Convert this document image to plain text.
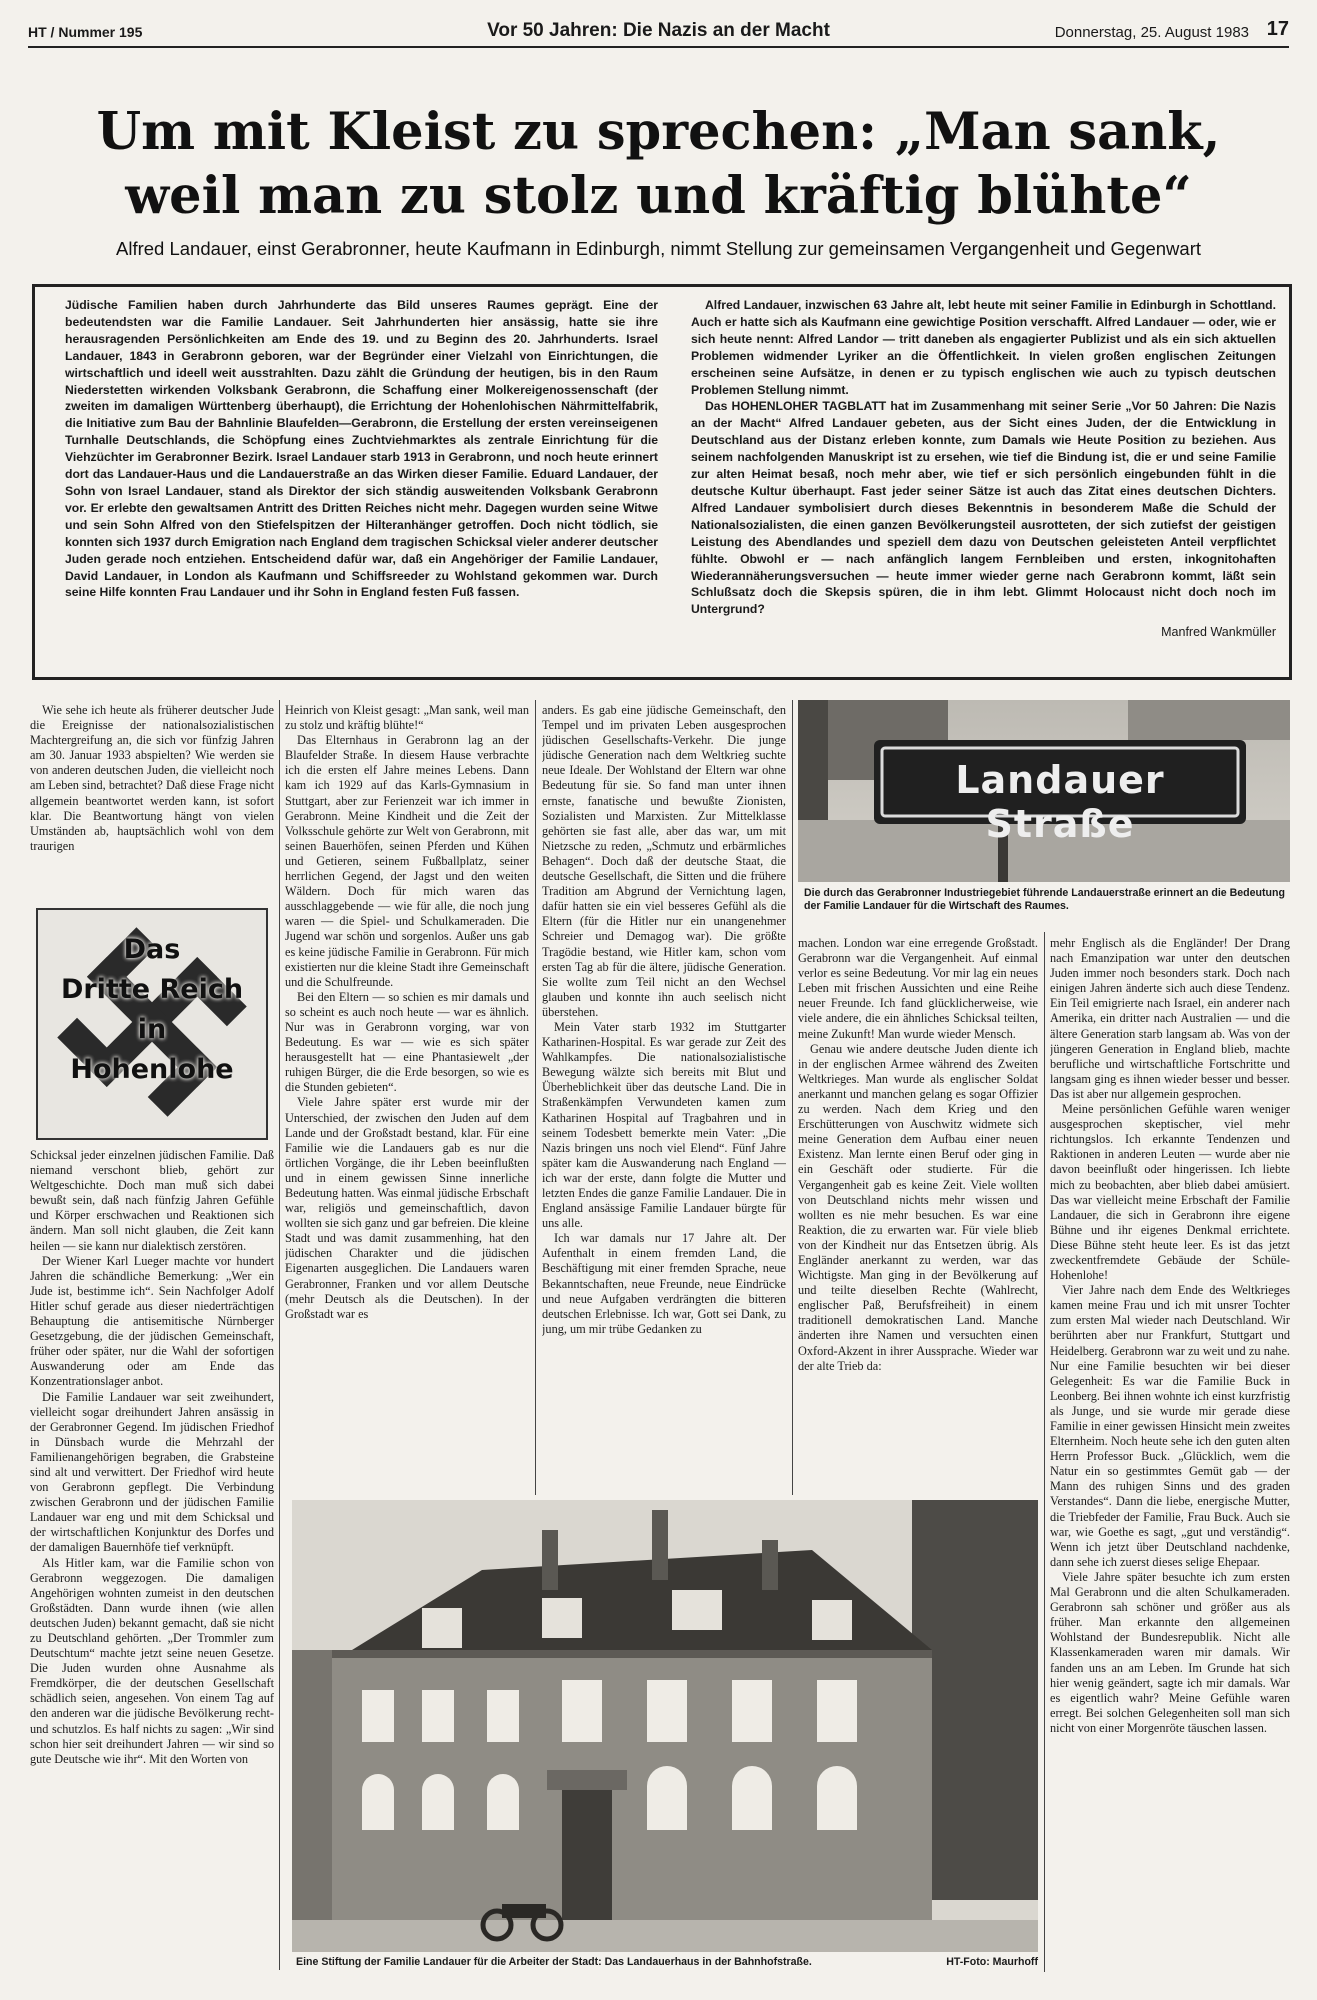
HT / Nummer 195	Vor 50 Jahren: Die Nazis an der Macht	Donnerstag, 25. August 1983 17
Um mit Kleist zu sprechen: „Man sank,
weil man zu stolz und kräftig blühte“
Alfred Landauer, einst Gerabronner, heute Kaufmann in Edinburgh, nimmt Stellung zur gemeinsamen Vergangenheit und Gegenwart
Jüdische Familien haben durch Jahrhunderte das Bild unseres Raumes geprägt. Eine der bedeutendsten war die Familie Landauer. Seit Jahrhunderten hier ansässig, hatte sie ihre herausragenden Persönlichkeiten am Ende des 19. und zu Beginn des 20. Jahrhunderts. Israel Landauer, 1843 in Gerabronn geboren, war der Begründer einer Vielzahl von Einrichtungen, die wirtschaftlich und ideell weit ausstrahlten. Dazu zählt die Gründung der heutigen, bis in den Raum Niederstetten wirkenden Volksbank Gerabronn, die Schaffung einer Molkereigenossenschaft (der zweiten im damaligen Württenberg überhaupt), die Errichtung der Hohenlohischen Nährmittelfabrik, die Initiative zum Bau der Bahnlinie Blaufelden—Gerabronn, die Erstellung der ersten vereinseigenen Turnhalle Deutschlands, die Schöpfung eines Zuchtviehmarktes als zentrale Einrichtung für die Viehzüchter im Gerabronner Bezirk. Israel Landauer starb 1913 in Gerabronn, und noch heute erinnert dort das Landauer-Haus und die Landauerstraße an das Wirken dieser Familie. Eduard Landauer, der Sohn von Israel Landauer, stand als Direktor der sich ständig ausweitenden Volksbank Gerabronn vor. Er erlebte den gewaltsamen Antritt des Dritten Reiches nicht mehr. Dagegen wurden seine Witwe und sein Sohn Alfred von den Stiefelspitzen der Hilteranhänger getroffen. Doch nicht tödlich, sie konnten sich 1937 durch Emigration nach England dem tragischen Schicksal vieler anderer deutscher Juden gerade noch entziehen. Entscheidend dafür war, daß ein Angehöriger der Familie Landauer, David Landauer, in London als Kaufmann und Schiffsreeder zu Wohlstand gekommen war. Durch seine Hilfe konnten Frau Landauer und ihr Sohn in England festen Fuß fassen.

Alfred Landauer, inzwischen 63 Jahre alt, lebt heute mit seiner Familie in Edinburgh in Schottland. Auch er hatte sich als Kaufmann eine gewichtige Position verschafft. Alfred Landauer — oder, wie er sich heute nennt: Alfred Landor — tritt daneben als engagierter Publizist und als ein sich aktuellen Problemen widmender Lyriker an die Öffentlichkeit. In vielen großen englischen Zeitungen erscheinen seine Aufsätze, in denen er zu typisch englischen wie auch zu typisch deutschen Problemen Stellung nimmt.

Das HOHENLOHER TAGBLATT hat im Zusammenhang mit seiner Serie „Vor 50 Jahren: Die Nazis an der Macht“ Alfred Landauer gebeten, aus der Sicht eines Juden, der die Entwicklung in Deutschland aus der Distanz erleben konnte, zum Damals wie Heute Position zu beziehen. Aus seinem nachfolgenden Manuskript ist zu ersehen, wie tief die Bindung ist, die er und seine Familie zur alten Heimat besaß, noch mehr aber, wie tief er sich persönlich eingebunden fühlt in die deutsche Kultur überhaupt. Fast jeder seiner Sätze ist auch das Zitat eines deutschen Dichters. Alfred Landauer symbolisiert durch dieses Bekenntnis in besonderem Maße die Schuld der Nationalsozialisten, die einen ganzen Bevölkerungsteil ausrotteten, der sich zutiefst der geistigen Leistung des Abendlandes und speziell dem dazu von Deutschen geleisteten Anteil verpflichtet fühlte. Obwohl er — nach anfänglich langem Fernbleiben und ersten, inkognitohaften Wiederannäherungsversuchen — heute immer wieder gerne nach Gerabronn kommt, läßt sein Schlußsatz doch die Skepsis spüren, die in ihm lebt. Glimmt Holocaust nicht doch noch im Untergrund?

Manfred Wankmüller

Wie sehe ich heute als früherer deutscher Jude die Ereignisse der nationalsozialistischen Machtergreifung an, die sich vor fünfzig Jahren am 30. Januar 1933 abspielten? Wie werden sie von anderen deutschen Juden, die vielleicht noch am Leben sind, betrachtet? Daß diese Frage nicht allgemein beantwortet werden kann, ist sofort klar. Die Beantwortung hängt von vielen Umständen ab, hauptsächlich wohl von dem traurigen

Das
Dritte Reich
in
Hohenlohe

Schicksal jeder einzelnen jüdischen Familie. Daß niemand verschont blieb, gehört zur Weltgeschichte. Doch man muß sich dabei bewußt sein, daß nach fünfzig Jahren Gefühle und Körper erschwachen und Reaktionen sich ändern. Man soll nicht glauben, die Zeit kann heilen — sie kann nur dialektisch zerstören.

Der Wiener Karl Lueger machte vor hundert Jahren die schändliche Bemerkung: „Wer ein Jude ist, bestimme ich“. Sein Nachfolger Adolf Hitler schuf gerade aus dieser niederträchtigen Behauptung die antisemitische Nürnberger Gesetzgebung, die der jüdischen Gemeinschaft, früher oder später, nur die Wahl der sofortigen Auswanderung oder am Ende das Konzentrationslager anbot.

Die Familie Landauer war seit zweihundert, vielleicht sogar dreihundert Jahren ansässig in der Gerabronner Gegend. Im jüdischen Friedhof in Dünsbach wurde die Mehrzahl der Familienangehörigen begraben, die Grabsteine sind alt und verwittert. Der Friedhof wird heute von Gerabronn gepflegt. Die Verbindung zwischen Gerabronn und der jüdischen Familie Landauer war eng und mit dem Schicksal und der wirtschaftlichen Konjunktur des Dorfes und der damaligen Bauernhöfe tief verknüpft.

Als Hitler kam, war die Familie schon von Gerabronn weggezogen. Die damaligen Angehörigen wohnten zumeist in den deutschen Großstädten. Dann wurde ihnen (wie allen deutschen Juden) bekannt gemacht, daß sie nicht zu Deutschland gehörten. „Der Trommler zum Deutschtum“ machte jetzt seine neuen Gesetze. Die Juden wurden ohne Ausnahme als Fremdkörper, die der deutschen Gesellschaft schädlich seien, angesehen. Von einem Tag auf den anderen war die jüdische Bevölkerung recht- und schutzlos. Es half nichts zu sagen: „Wir sind schon hier seit dreihundert Jahren — wir sind so gute Deutsche wie ihr“. Mit den Worten von

Heinrich von Kleist gesagt: „Man sank, weil man zu stolz und kräftig blühte!“

Das Elternhaus in Gerabronn lag an der Blaufelder Straße. In diesem Hause verbrachte ich die ersten elf Jahre meines Lebens. Dann kam ich 1929 auf das Karls-Gymnasium in Stuttgart, aber zur Ferienzeit war ich immer in Gerabronn. Meine Kindheit und die Zeit der Volksschule gehörte zur Welt von Gerabronn, mit seinen Bauerhöfen, seinen Pferden und Kühen und Getieren, seinem Fußballplatz, seiner herrlichen Gegend, der Jagst und den weiten Wäldern. Doch für mich waren das ausschlaggebende — wie für alle, die noch jung waren — die Spiel- und Schulkameraden. Die Jugend war schön und sorgenlos. Außer uns gab es keine jüdische Familie in Gerabronn. Für mich existierten nur die kleine Stadt ihre Gemeinschaft und die Schulfreunde.

Bei den Eltern — so schien es mir damals und so scheint es auch noch heute — war es ähnlich. Nur was in Gerabronn vorging, war von Bedeutung. Es war — wie es sich später herausgestellt hat — eine Phantasiewelt „der ruhigen Bürger, die die Erde besorgen, so wie es die Stunden gebieten“.

Viele Jahre später erst wurde mir der Unterschied, der zwischen den Juden auf dem Lande und der Großstadt bestand, klar. Für eine Familie wie die Landauers gab es nur die örtlichen Vorgänge, die ihr Leben beeinflußten und in einem gewissen Sinne innerliche Bedeutung hatten. Was einmal jüdische Erbschaft war, religiös und gemeinschaftlich, davon wollten sie sich ganz und gar befreien. Die kleine Stadt und was damit zusammenhing, hat den jüdischen Charakter und die jüdischen Eigenarten ausgeglichen. Die Landauers waren Gerabronner, Franken und vor allem Deutsche (mehr Deutsch als die Deutschen). In der Großstadt war es

anders. Es gab eine jüdische Gemeinschaft, den Tempel und im privaten Leben ausgesprochen jüdischen Gesellschafts-Verkehr. Die junge jüdische Generation nach dem Weltkrieg suchte neue Ideale. Der Wohlstand der Eltern war ohne Bedeutung für sie. So fand man unter ihnen ernste, fanatische und bewußte Zionisten, Sozialisten und Marxisten. Zur Mittelklasse gehörten sie fast alle, aber das war, um mit Nietzsche zu reden, „Schmutz und erbärmliches Behagen“. Doch daß der deutsche Staat, die deutsche Gesellschaft, die Sitten und die frühere Tradition am Abgrund der Vernichtung lagen, dafür hatten sie ein viel besseres Gefühl als die Eltern (für die Hitler nur ein unangenehmer Schreier und Demagog war). Die größte Tragödie bestand, wie Hitler kam, schon vom ersten Tag ab für die ältere, jüdische Generation. Sie wollte zum Teil nicht an den Wechsel glauben und konnte ihn auch seelisch nicht überstehen.

Mein Vater starb 1932 im Stuttgarter Katharinen-Hospital. Es war gerade zur Zeit des Wahlkampfes. Die nationalsozialistische Bewegung wälzte sich bereits mit Blut und Überheblichkeit über das deutsche Land. Die in Straßenkämpfen Verwundeten kamen zum Katharinen Hospital auf Tragbahren und in seinem Todesbett bemerkte mein Vater: „Die Nazis bringen uns noch viel Elend“. Fünf Jahre später kam die Auswanderung nach England — ich war der erste, dann folgte die Mutter und letzten Endes die ganze Familie Landauer. Die in England ansässige Familie Landauer bürgte für uns alle.

Ich war damals nur 17 Jahre alt. Der Aufenthalt in einem fremden Land, die Beschäftigung mit einer fremden Sprache, neue Bekanntschaften, neue Freunde, neue Eindrücke und neue Aufgaben verdrängten die bitteren deutschen Erlebnisse. Ich war, Gott sei Dank, zu jung, um mir trübe Gedanken zu

Landauer Straße
Die durch das Gerabronner Industriegebiet führende Landauerstraße erinnert an die Bedeutung der Familie Landauer für die Wirtschaft des Raumes.

machen. London war eine erregende Großstadt. Gerabronn war die Vergangenheit. Auf einmal verlor es seine Bedeutung. Vor mir lag ein neues Leben mit frischen Aussichten und eine Reihe neuer Freunde. Ich fand glücklicherweise, wie viele andere, die ein ähnliches Schicksal teilten, meine Zukunft! Man wurde wieder Mensch.

Genau wie andere deutsche Juden diente ich in der englischen Armee während des Zweiten Weltkrieges. Man wurde als englischer Soldat anerkannt und manchen gelang es sogar Offizier zu werden. Nach dem Krieg und den Erschütterungen von Auschwitz widmete sich meine Generation dem Aufbau einer neuen Existenz. Man lernte einen Beruf oder ging in ein Geschäft oder studierte. Für die Vergangenheit gab es keine Zeit. Viele wollten von Deutschland nichts mehr wissen und wollten es nie mehr besuchen. Es war eine Reaktion, die zu erwarten war. Für viele blieb von der Kindheit nur das Entsetzen übrig. Als Engländer anerkannt zu werden, war das Wichtigste. Man ging in der Bevölkerung auf und teilte dieselben Rechte (Wahlrecht, englischer Paß, Berufsfreiheit) in einem traditionell demokratischen Land. Manche änderten ihre Namen und versuchten einen Oxford-Akzent in ihrer Aussprache. Wieder war der alte Trieb da:

mehr Englisch als die Engländer! Der Drang nach Emanzipation war unter den deutschen Juden immer noch besonders stark. Doch nach einigen Jahren änderte sich auch diese Tendenz. Ein Teil emigrierte nach Israel, ein anderer nach Amerika, ein dritter nach Australien — und die ältere Generation starb langsam ab. Was von der jüngeren Generation in England blieb, machte berufliche und wirtschaftliche Fortschritte und langsam ging es ihnen wieder besser und besser. Das ist aber nur allgemein gesprochen.

Meine persönlichen Gefühle waren weniger ausgesprochen skeptischer, viel mehr richtungslos. Ich erkannte Tendenzen und Raktionen in anderen Leuten — wurde aber nie davon beeinflußt oder hingerissen. Ich liebte mich zu beobachten, aber blieb dabei amüsiert. Das war vielleicht meine Erbschaft der Familie Landauer, die sich in Gerabronn ihre eigene Bühne und ihr eigenes Denkmal errichtete. Diese Bühne steht heute leer. Es ist das jetzt zweckentfremdete Gebäude der Schüle-Hohenlohe!

Vier Jahre nach dem Ende des Weltkrieges kamen meine Frau und ich mit unsrer Tochter zum ersten Mal wieder nach Deutschland. Wir berührten aber nur Frankfurt, Stuttgart und Heidelberg. Gerabronn war zu weit und zu nahe. Nur eine Familie besuchten wir bei dieser Gelegenheit: Es war die Familie Buck in Leonberg. Bei ihnen wohnte ich einst kurzfristig als Junge, und sie wurde mir gerade diese Familie in einer gewissen Hinsicht mein zweites Elternheim. Noch heute sehe ich den guten alten Herrn Professor Buck. „Glücklich, wem die Natur ein so gestimmtes Gemüt gab — der Mann des ruhigen Sinns und des graden Verstandes“. Dann die liebe, energische Mutter, die Triebfeder der Familie, Frau Buck. Auch sie war, wie Goethe es sagt, „gut und verständig“. Wenn ich jetzt über Deutschland nachdenke, dann sehe ich zuerst dieses selige Ehepaar.

Viele Jahre später besuchte ich zum ersten Mal Gerabronn und die alten Schulkameraden. Gerabronn sah schöner und größer aus als früher. Man erkannte den allgemeinen Wohlstand der Bundesrepublik. Nicht alle Klassenkameraden waren mir damals. Wir fanden uns an am Leben. Im Grunde hat sich hier wenig geändert, sagte ich mir damals. War es eigentlich wahr? Meine Gefühle waren erregt. Bei solchen Gelegenheiten soll man sich nicht von einer Morgenröte täuschen lassen.

Eine Stiftung der Familie Landauer für die Arbeiter der Stadt: Das Landauerhaus in der Bahnhofstraße.	HT-Foto: Maurhoff
